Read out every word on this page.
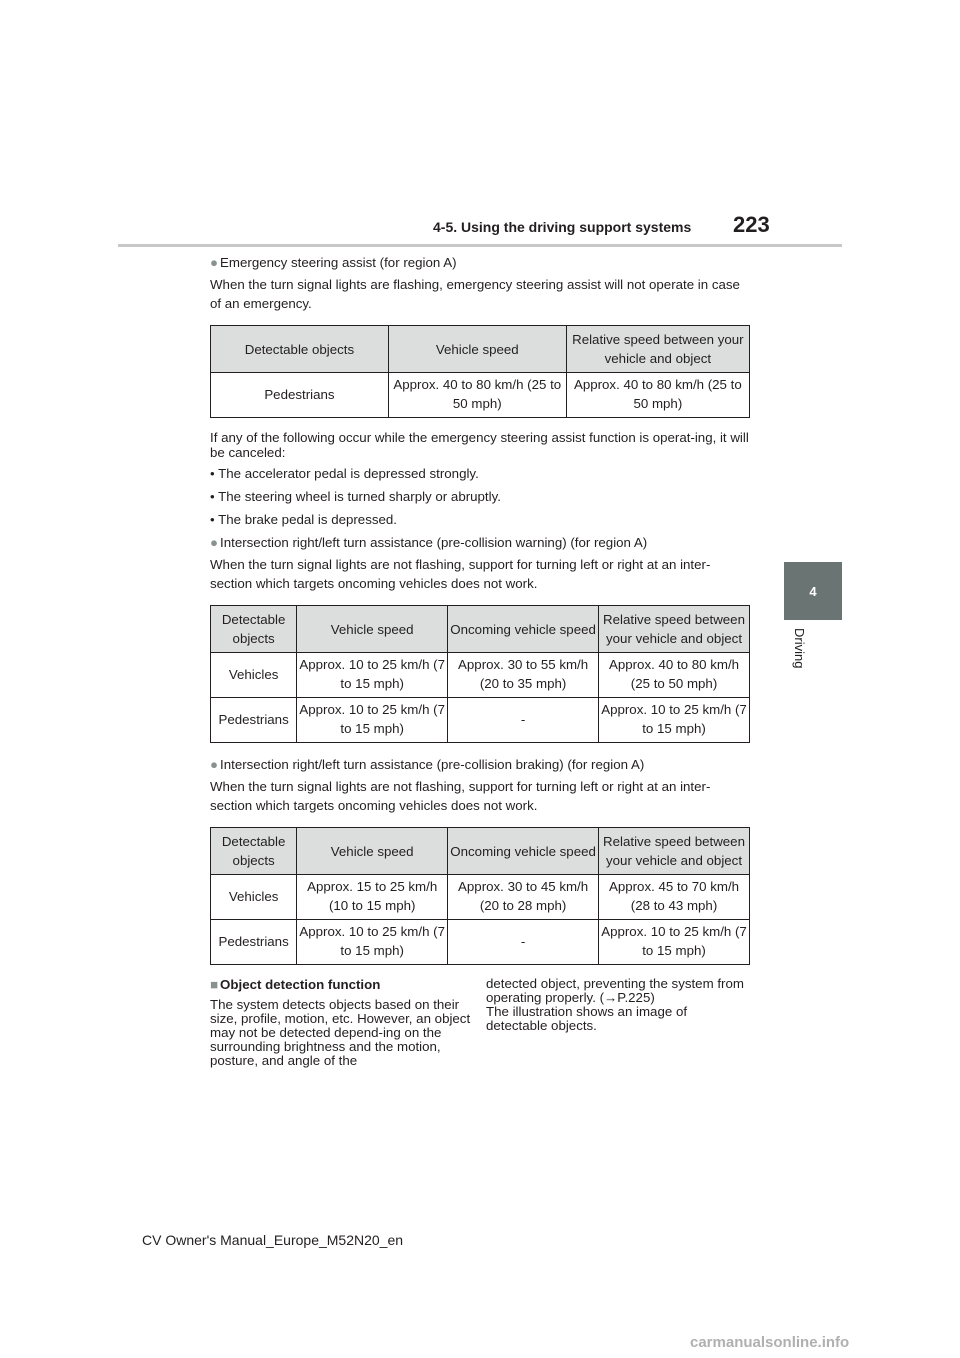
4-5. Using the driving support systems 223
4
Driving
● Emergency steering assist (for region A)
When the turn signal lights are flashing, emergency steering assist will not operate in case of an emergency.
Detectable objects	Vehicle speed	Relative speed between your vehicle and object
Pedestrians	Approx. 40 to 80 km/h (25 to 50 mph)	Approx. 40 to 80 km/h (25 to 50 mph)
If any of the following occur while the emergency steering assist function is operat-ing, it will be canceled:
• The accelerator pedal is depressed strongly.
• The steering wheel is turned sharply or abruptly.
• The brake pedal is depressed.
● Intersection right/left turn assistance (pre-collision warning) (for region A)
When the turn signal lights are not flashing, support for turning left or right at an inter-section which targets oncoming vehicles does not work.
Detectable objects	Vehicle speed	Oncoming vehicle speed	Relative speed between your vehicle and object
Vehicles	Approx. 10 to 25 km/h (7 to 15 mph)	Approx. 30 to 55 km/h (20 to 35 mph)	Approx. 40 to 80 km/h (25 to 50 mph)
Pedestrians	Approx. 10 to 25 km/h (7 to 15 mph)	-	Approx. 10 to 25 km/h (7 to 15 mph)
● Intersection right/left turn assistance (pre-collision braking) (for region A)
When the turn signal lights are not flashing, support for turning left or right at an inter-section which targets oncoming vehicles does not work.
Detectable objects	Vehicle speed	Oncoming vehicle speed	Relative speed between your vehicle and object
Vehicles	Approx. 15 to 25 km/h (10 to 15 mph)	Approx. 30 to 45 km/h (20 to 28 mph)	Approx. 45 to 70 km/h (28 to 43 mph)
Pedestrians	Approx. 10 to 25 km/h (7 to 15 mph)	-	Approx. 10 to 25 km/h (7 to 15 mph)
■ Object detection function
The system detects objects based on their size, profile, motion, etc. However, an object may not be detected depend-ing on the surrounding brightness and the motion, posture, and angle of the
detected object, preventing the system from operating properly. (→P.225)
The illustration shows an image of detectable objects.
CV Owner's Manual_Europe_M52N20_en
carmanualsonline.info
